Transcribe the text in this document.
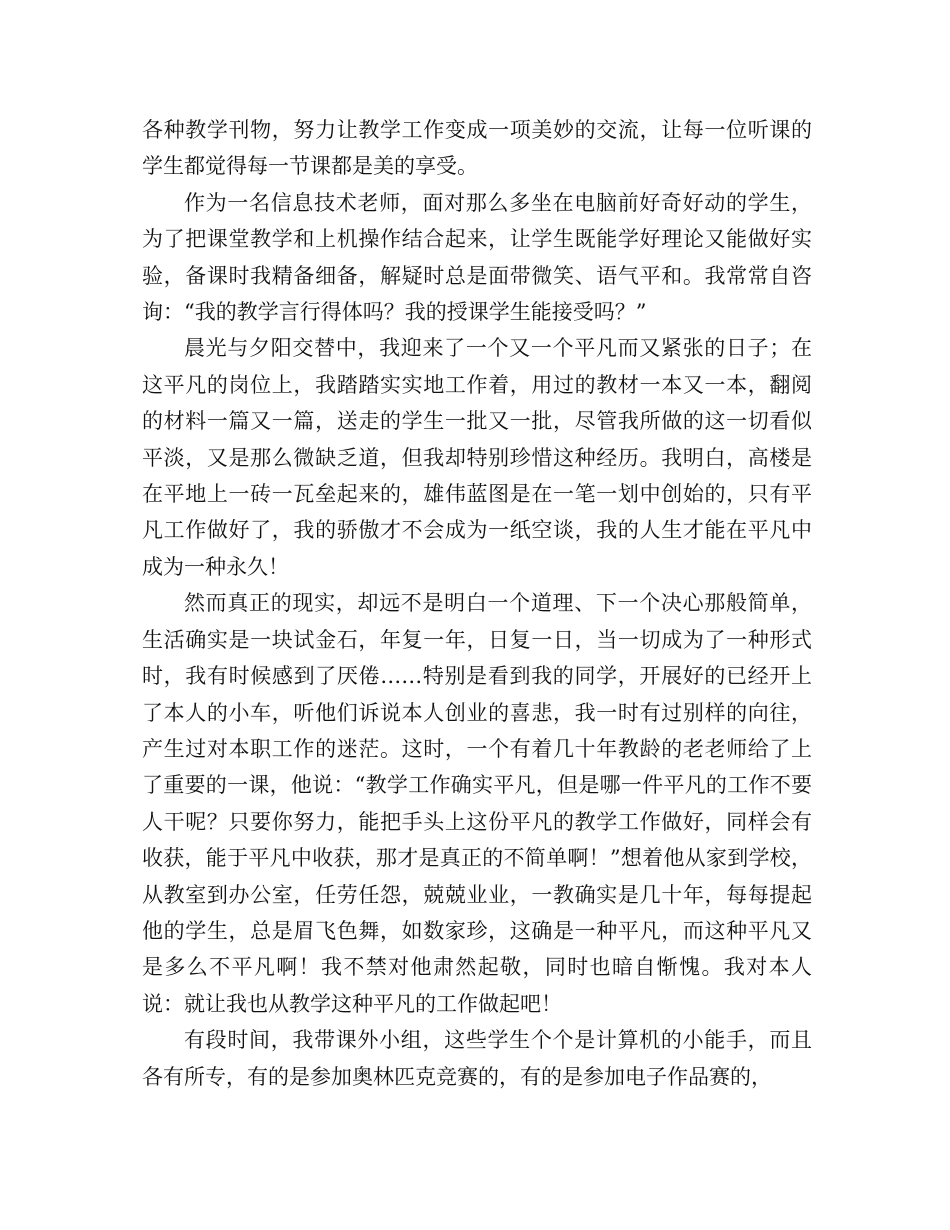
各种教学刊物，努力让教学工作变成一项美妙的交流，让每一位听课的学生都觉得每一节课都是美的享受。

作为一名信息技术老师，面对那么多坐在电脑前好奇好动的学生，为了把课堂教学和上机操作结合起来，让学生既能学好理论又能做好实验，备课时我精备细备，解疑时总是面带微笑、语气平和。我常常自咨询：“我的教学言行得体吗？我的授课学生能接受吗？”

晨光与夕阳交替中，我迎来了一个又一个平凡而又紧张的日子；在这平凡的岗位上，我踏踏实实地工作着，用过的教材一本又一本，翻阅的材料一篇又一篇，送走的学生一批又一批，尽管我所做的这一切看似平淡，又是那么微缺乏道，但我却特别珍惜这种经历。我明白，高楼是在平地上一砖一瓦垒起来的，雄伟蓝图是在一笔一划中创始的，只有平凡工作做好了，我的骄傲才不会成为一纸空谈，我的人生才能在平凡中成为一种永久！

然而真正的现实，却远不是明白一个道理、下一个决心那般简单，生活确实是一块试金石，年复一年，日复一日，当一切成为了一种形式时，我有时候感到了厌倦……特别是看到我的同学，开展好的已经开上了本人的小车，听他们诉说本人创业的喜悲，我一时有过别样的向往，产生过对本职工作的迷茫。这时，一个有着几十年教龄的老老师给了上了重要的一课，他说：“教学工作确实平凡，但是哪一件平凡的工作不要人干呢？只要你努力，能把手头上这份平凡的教学工作做好，同样会有收获，能于平凡中收获，那才是真正的不简单啊！”想着他从家到学校，从教室到办公室，任劳任怨，兢兢业业，一教确实是几十年，每每提起他的学生，总是眉飞色舞，如数家珍，这确是一种平凡，而这种平凡又是多么不平凡啊！我不禁对他肃然起敬，同时也暗自惭愧。我对本人说：就让我也从教学这种平凡的工作做起吧！

有段时间，我带课外小组，这些学生个个是计算机的小能手，而且各有所专，有的是参加奥林匹克竞赛的，有的是参加电子作品赛的，
